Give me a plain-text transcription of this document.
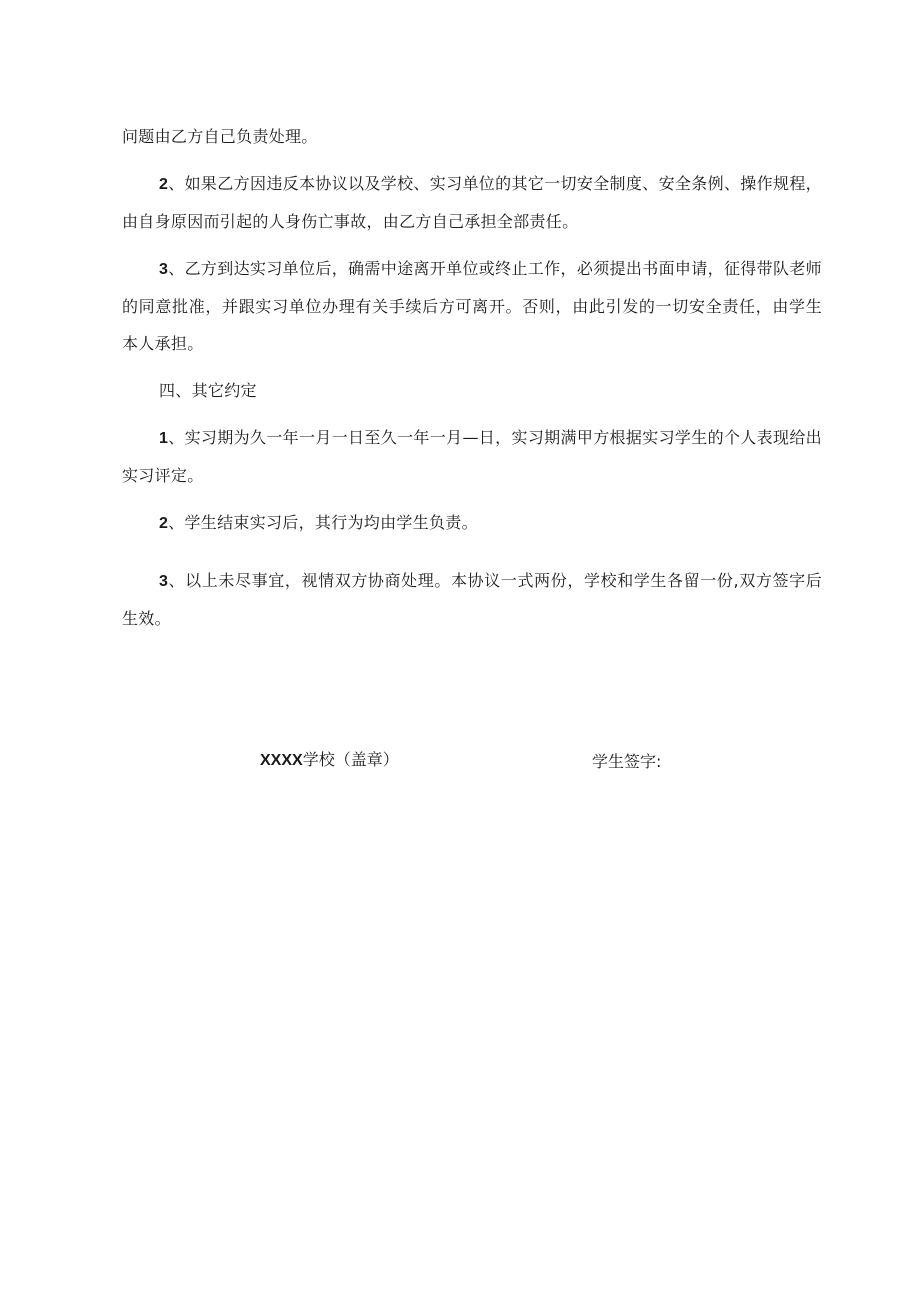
问题由乙方自己负责处理。

2、如果乙方因违反本协议以及学校、实习单位的其它一切安全制度、安全条例、操作规程，由自身原因而引起的人身伤亡事故，由乙方自己承担全部责任。

3、乙方到达实习单位后，确需中途离开单位或终止工作，必须提出书面申请，征得带队老师的同意批准，并跟实习单位办理有关手续后方可离开。否则，由此引发的一切安全责任，由学生本人承担。

四、其它约定

1、实习期为久一年一月一日至久一年一月—日，实习期满甲方根据实习学生的个人表现给出实习评定。

2、学生结束实习后，其行为均由学生负责。

3、以上未尽事宜，视情双方协商处理。本协议一式两份，学校和学生各留一份,双方签字后生效。

XXXX学校（盖章）	学生签字:
